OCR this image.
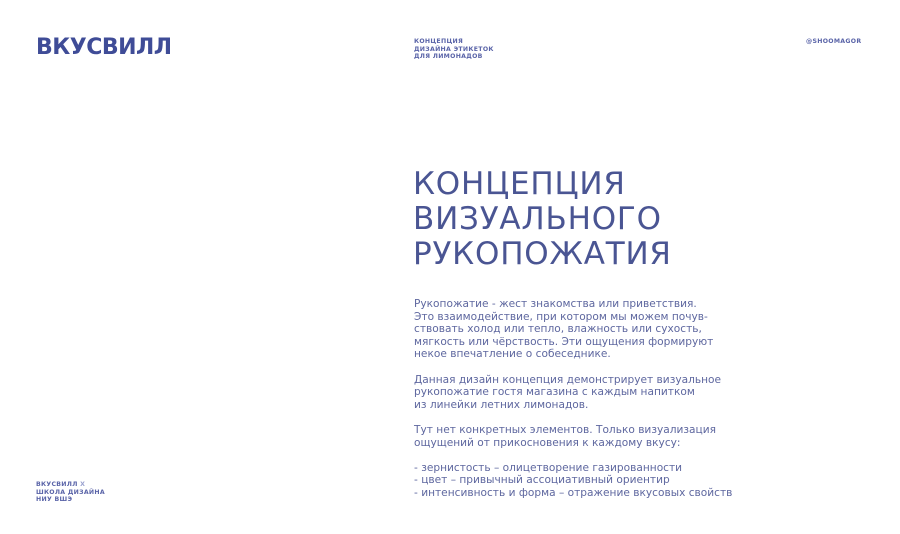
ВКУСВИЛЛ	КОНЦЕПЦИЯ
ДИЗАЙНА ЭТИКЕТОК
ДЛЯ ЛИМОНАДОВ
@SHOOMAGOR
КОНЦЕПЦИЯ
ВИЗУАЛЬНОГО
РУКОПОЖАТИЯ

Рукопожатие - жест знакомства или приветствия.
Это взаимодействие, при котором мы можем почув-
ствовать холод или тепло, влажность или сухость,
мягкость или чёрствость. Эти ощущения формируют
некое впечатление о собеседнике.

Данная дизайн концепция демонстрирует визуальное
рукопожатие гостя магазина с каждым напитком
из линейки летних лимонадов.

Тут нет конкретных элементов. Только визуализация
ощущений от прикосновения к каждому вкусу:

- зернистость – олицетворение газированности
- цвет – привычный ассоциативный ориентир
- интенсивность и форма – отражение вкусовых свойств

ВКУСВИЛЛ Х
ШКОЛА ДИЗАЙНА
НИУ ВШЭ
